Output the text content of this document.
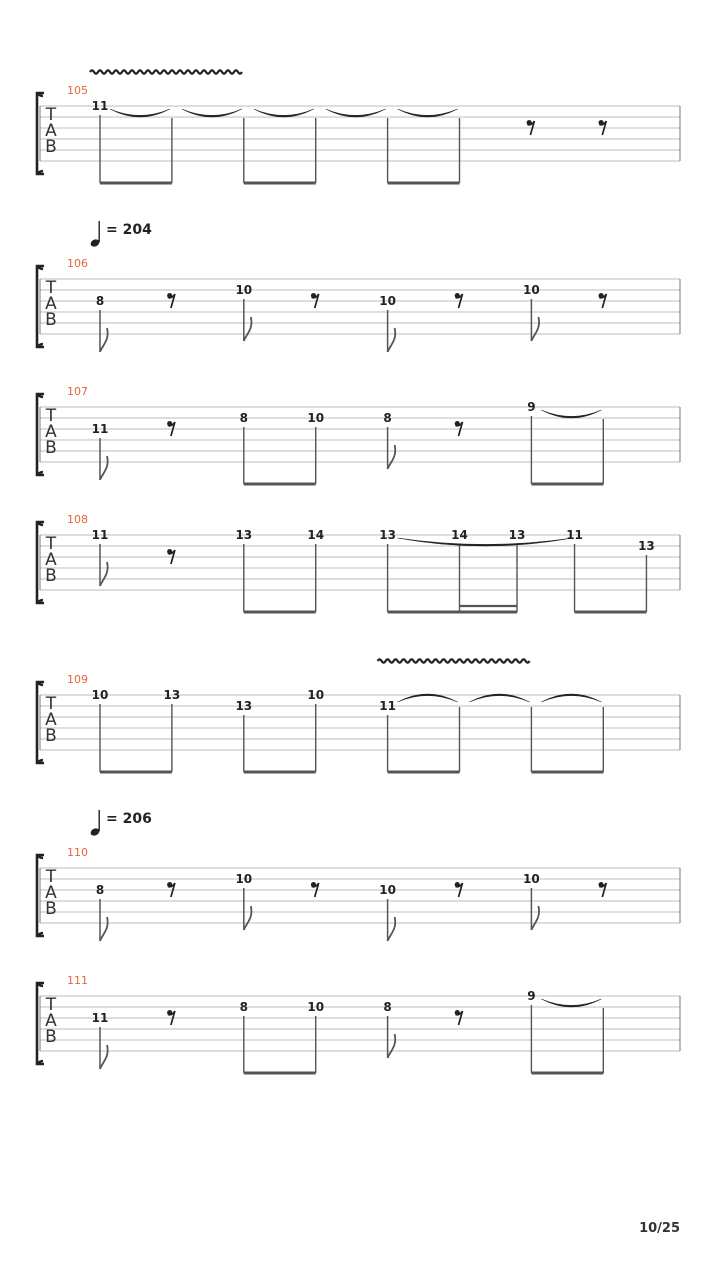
= 204
= 206
T
A
B
105
11
T
A
B
106
8
10
10
10
T
A
B
107
11
8	10	8
9
T
A
B
108
11	13	14	13	14	13	11
13
T
A
B
109
10	13
13
10
11
T
A
B
110
8
10
10
10
T
A
B
111
11
8	10	8
9
10/25
